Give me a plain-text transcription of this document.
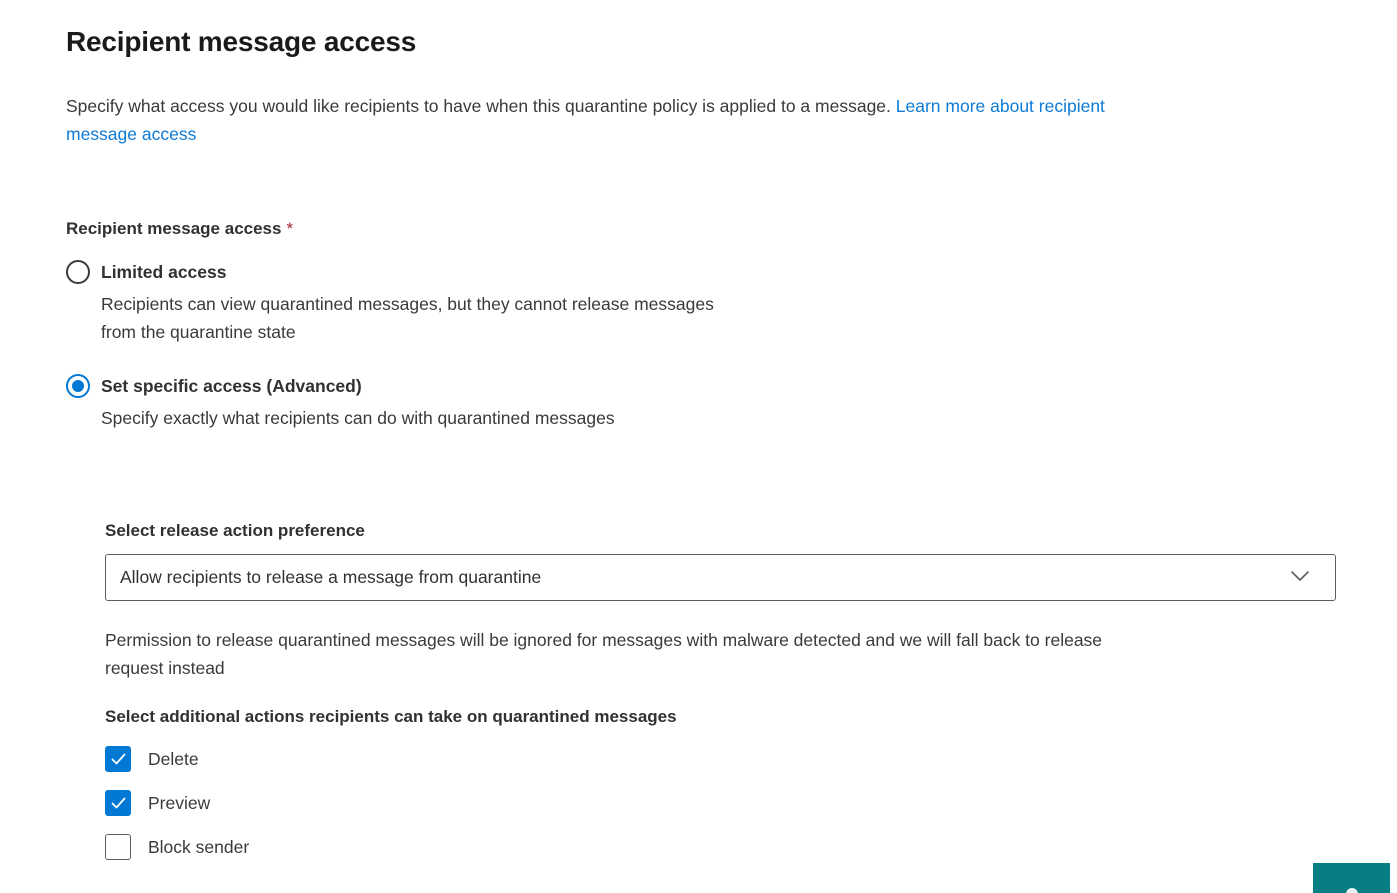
Recipient message access

Specify what access you would like recipients to have when this quarantine policy is applied to a message. Learn more about recipient
message access

Recipient message access *
Limited access
Recipients can view quarantined messages, but they cannot release messages
from the quarantine state
Set specific access (Advanced)
Specify exactly what recipients can do with quarantined messages
Select release action preference
Allow recipients to release a message from quarantine
Permission to release quarantined messages will be ignored for messages with malware detected and we will fall back to release
request instead
Select additional actions recipients can take on quarantined messages
Delete
Preview
Block sender
